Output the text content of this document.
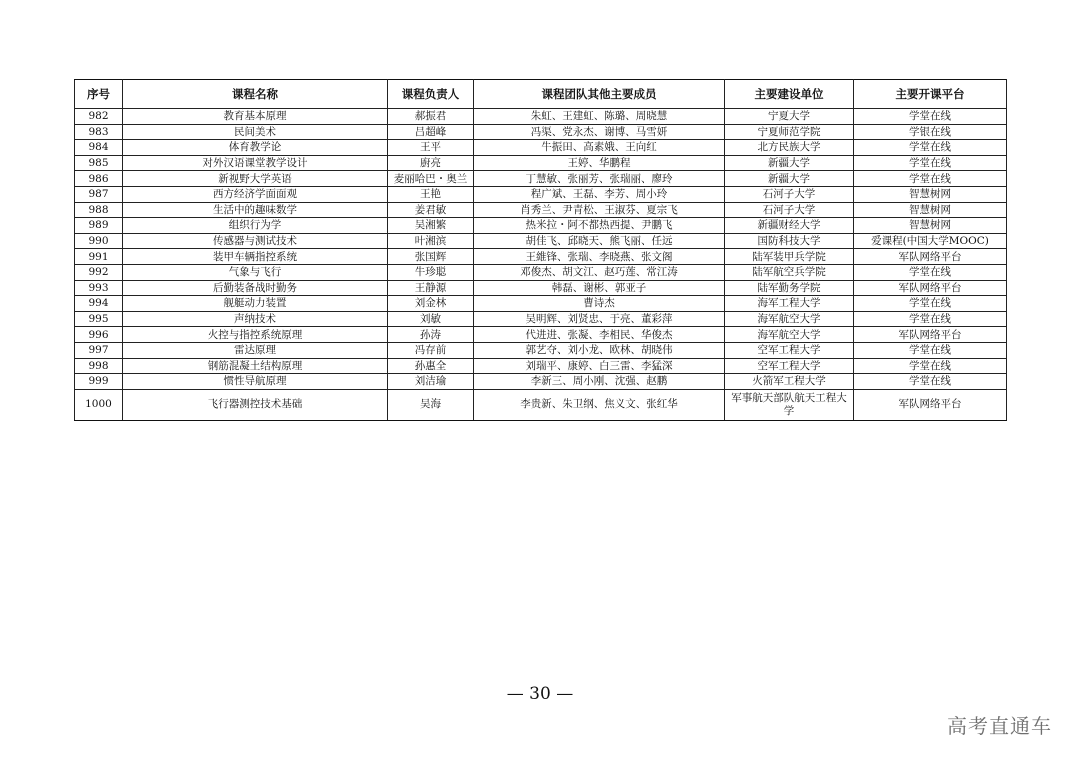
序号	课程名称	课程负责人	课程团队其他主要成员	主要建设单位	主要开课平台
982	教育基本原理	郝振君	朱虹、王建虹、陈璐、周晓慧	宁夏大学	学堂在线
983	民间美术	吕超峰	冯渠、党永杰、谢博、马雪妍	宁夏师范学院	学银在线
984	体育教学论	王平	牛振田、高素娥、王向红	北方民族大学	学堂在线
985	对外汉语课堂教学设计	廚亮	王婷、华鹏程	新疆大学	学堂在线
986	新视野大学英语	麦丽哈巴・奥兰	丁慧敏、张丽芳、张瑞丽、廖玲	新疆大学	学堂在线
987	西方经济学面面观	王艳	程广斌、王磊、李芳、周小玲	石河子大学	智慧树网
988	生活中的趣味数学	姜君敏	肖秀兰、尹青松、王淑芬、夏宗飞	石河子大学	智慧树网
989	组织行为学	吴湘繁	热米拉・阿不都热西提、尹鹏飞	新疆财经大学	智慧树网
990	传感器与测试技术	叶湘滨	胡佳飞、邱晓天、熊飞丽、任远	国防科技大学	爱课程(中国大学MOOC)
991	装甲车辆指控系统	张国辉	王維锋、张瑞、李晓燕、张文阁	陆军装甲兵学院	军队网络平台
992	气象与飞行	牛珍聪	邓俊杰、胡文江、赵巧莲、常江涛	陆军航空兵学院	学堂在线
993	后勤装备战时勤务	王静源	韩磊、谢彬、郭亚子	陆军勤务学院	军队网络平台
994	舰艇动力装置	刘金林	曹诗杰	海军工程大学	学堂在线
995	声纳技术	刘敏	吴明辉、刘贤忠、于亮、董彩萍	海军航空大学	学堂在线
996	火控与指控系统原理	孙涛	代进进、张凝、李相民、华俊杰	海军航空大学	军队网络平台
997	雷达原理	冯存前	郭艺夺、刘小龙、欧林、胡晓伟	空军工程大学	学堂在线
998	钢筋混凝土结构原理	孙惠全	刘瑞平、康婷、白三雷、李猛深	空军工程大学	学堂在线
999	惯性导航原理	刘洁瑜	李新三、周小刚、沈强、赵鹏	火箭军工程大学	学堂在线
1000	飞行器测控技术基础	吴海	李贵新、朱卫纲、焦义文、张红华	军事航天部队航天工程大学	军队网络平台
— 30 —
高考直通车
